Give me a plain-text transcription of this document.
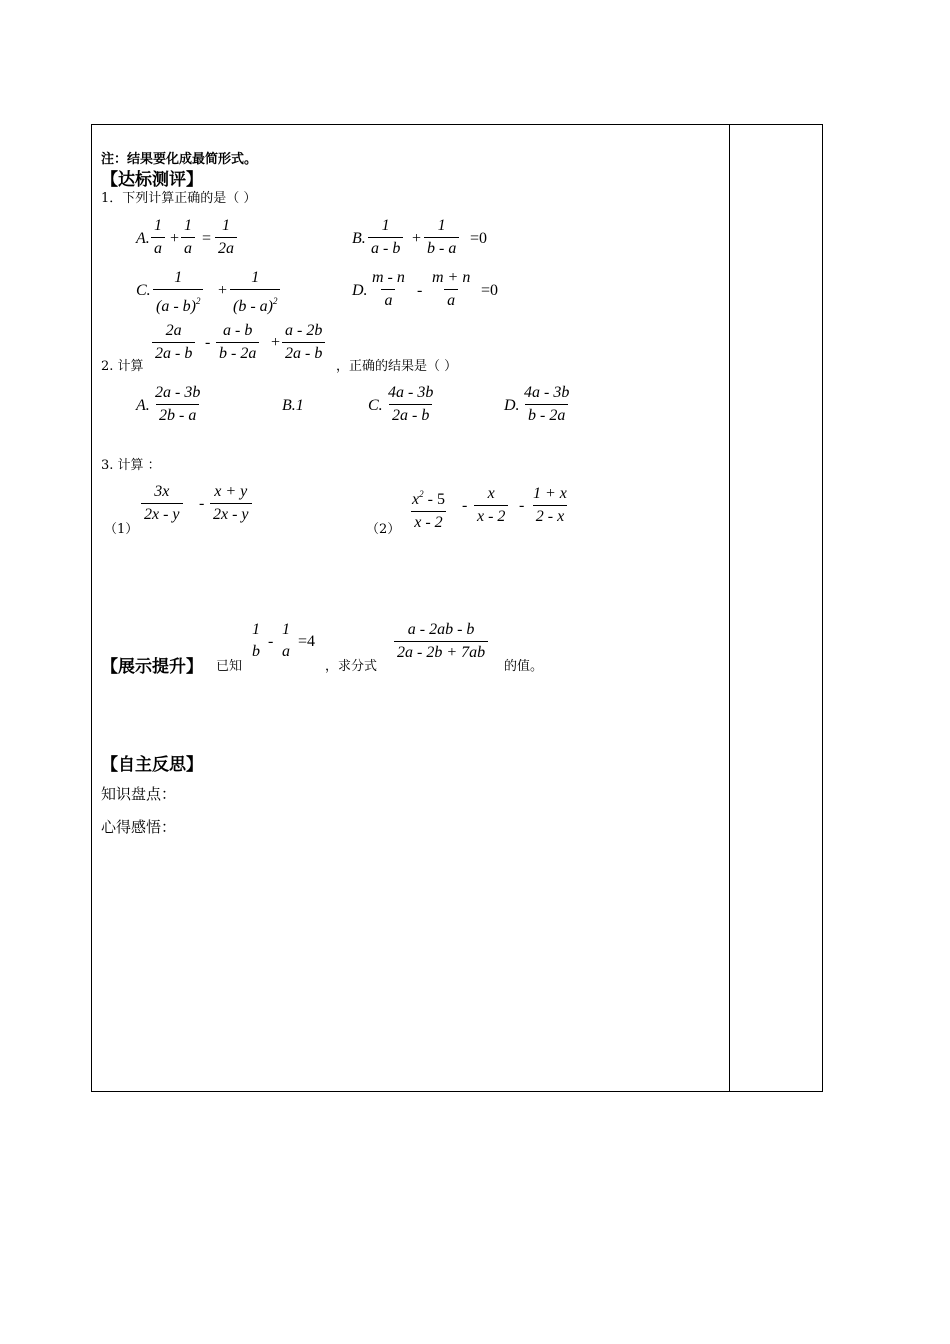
注：结果要化成最简形式。
【达标测评】
1．下列计算正确的是（ ）
A. $\frac{1}{a} + \frac{1}{a} = \frac{1}{2a}$	B. $\frac{1}{a - b} + \frac{1}{b - a} =0$
C. $\frac{1}{(a - b)^2} + \frac{1}{(b - a)^2}$	D. $\frac{m - n}{a} - \frac{m + n}{a} =0$
2. 计算
$\frac{2a}{2a - b} - \frac{a - b}{b - 2a} + \frac{a - 2b}{2a - b}$
，正确的结果是（ ）
A. $\frac{2a - 3b}{2b - a}$	B.1	C. $\frac{4a - 3b}{2a - b}$	D. $\frac{4a - 3b}{b - 2a}$
3. 计算 ：
（1）
$\frac{3x}{2x - y} - \frac{x + y}{2x - y}$
$(2) \frac{x^2 - 5}{x - 2} - \frac{x}{x - 2} - \frac{1 + x}{2 - x}$
【展示提升】 已知
1
b
-
1
a
=4
，求分式
$\frac{a - 2ab - b}{2a - 2b + 7ab}$
的值。
【自主反思】
知识盘点：
心得感悟：
